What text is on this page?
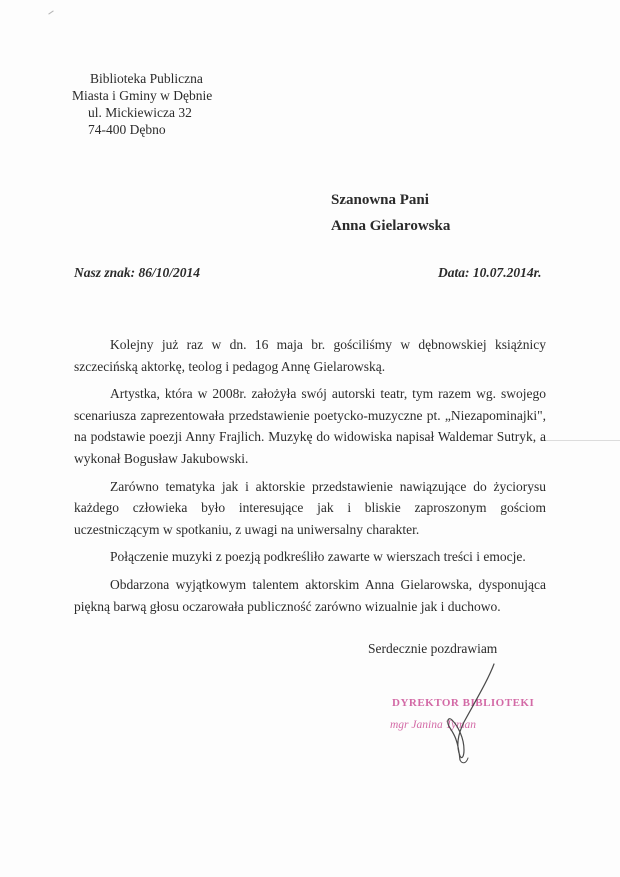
Biblioteka Publiczna
Miasta i Gminy w Dębnie
ul. Mickiewicza 32
74-400 Dębno
Szanowna Pani
Anna Gielarowska
Nasz znak: 86/10/2014	Data: 10.07.2014r.

Kolejny już raz w dn. 16 maja br. gościliśmy w dębnowskiej książnicy szczecińską aktorkę, teolog i pedagog Annę Gielarowską.

Artystka, która w 2008r. założyła swój autorski teatr, tym razem wg. swojego scenariusza zaprezentowała przedstawienie poetycko-muzyczne pt. „Niezapominajki", na podstawie poezji Anny Frajlich. Muzykę do widowiska napisał Waldemar Sutryk, a wykonał Bogusław Jakubowski.

Zarówno tematyka jak i aktorskie przedstawienie nawiązujące do życiorysu każdego człowieka było interesujące jak i bliskie zaproszonym gościom uczestniczącym w spotkaniu, z uwagi na uniwersalny charakter.

Połączenie muzyki z poezją podkreśliło zawarte w wierszach treści i emocje.

Obdarzona wyjątkowym talentem aktorskim Anna Gielarowska, dysponująca piękną barwą głosu oczarowała publiczność zarówno wizualnie jak i duchowo.

Serdecznie pozdrawiam
DYREKTOR BIBLIOTEKI
mgr Janina Tyman
